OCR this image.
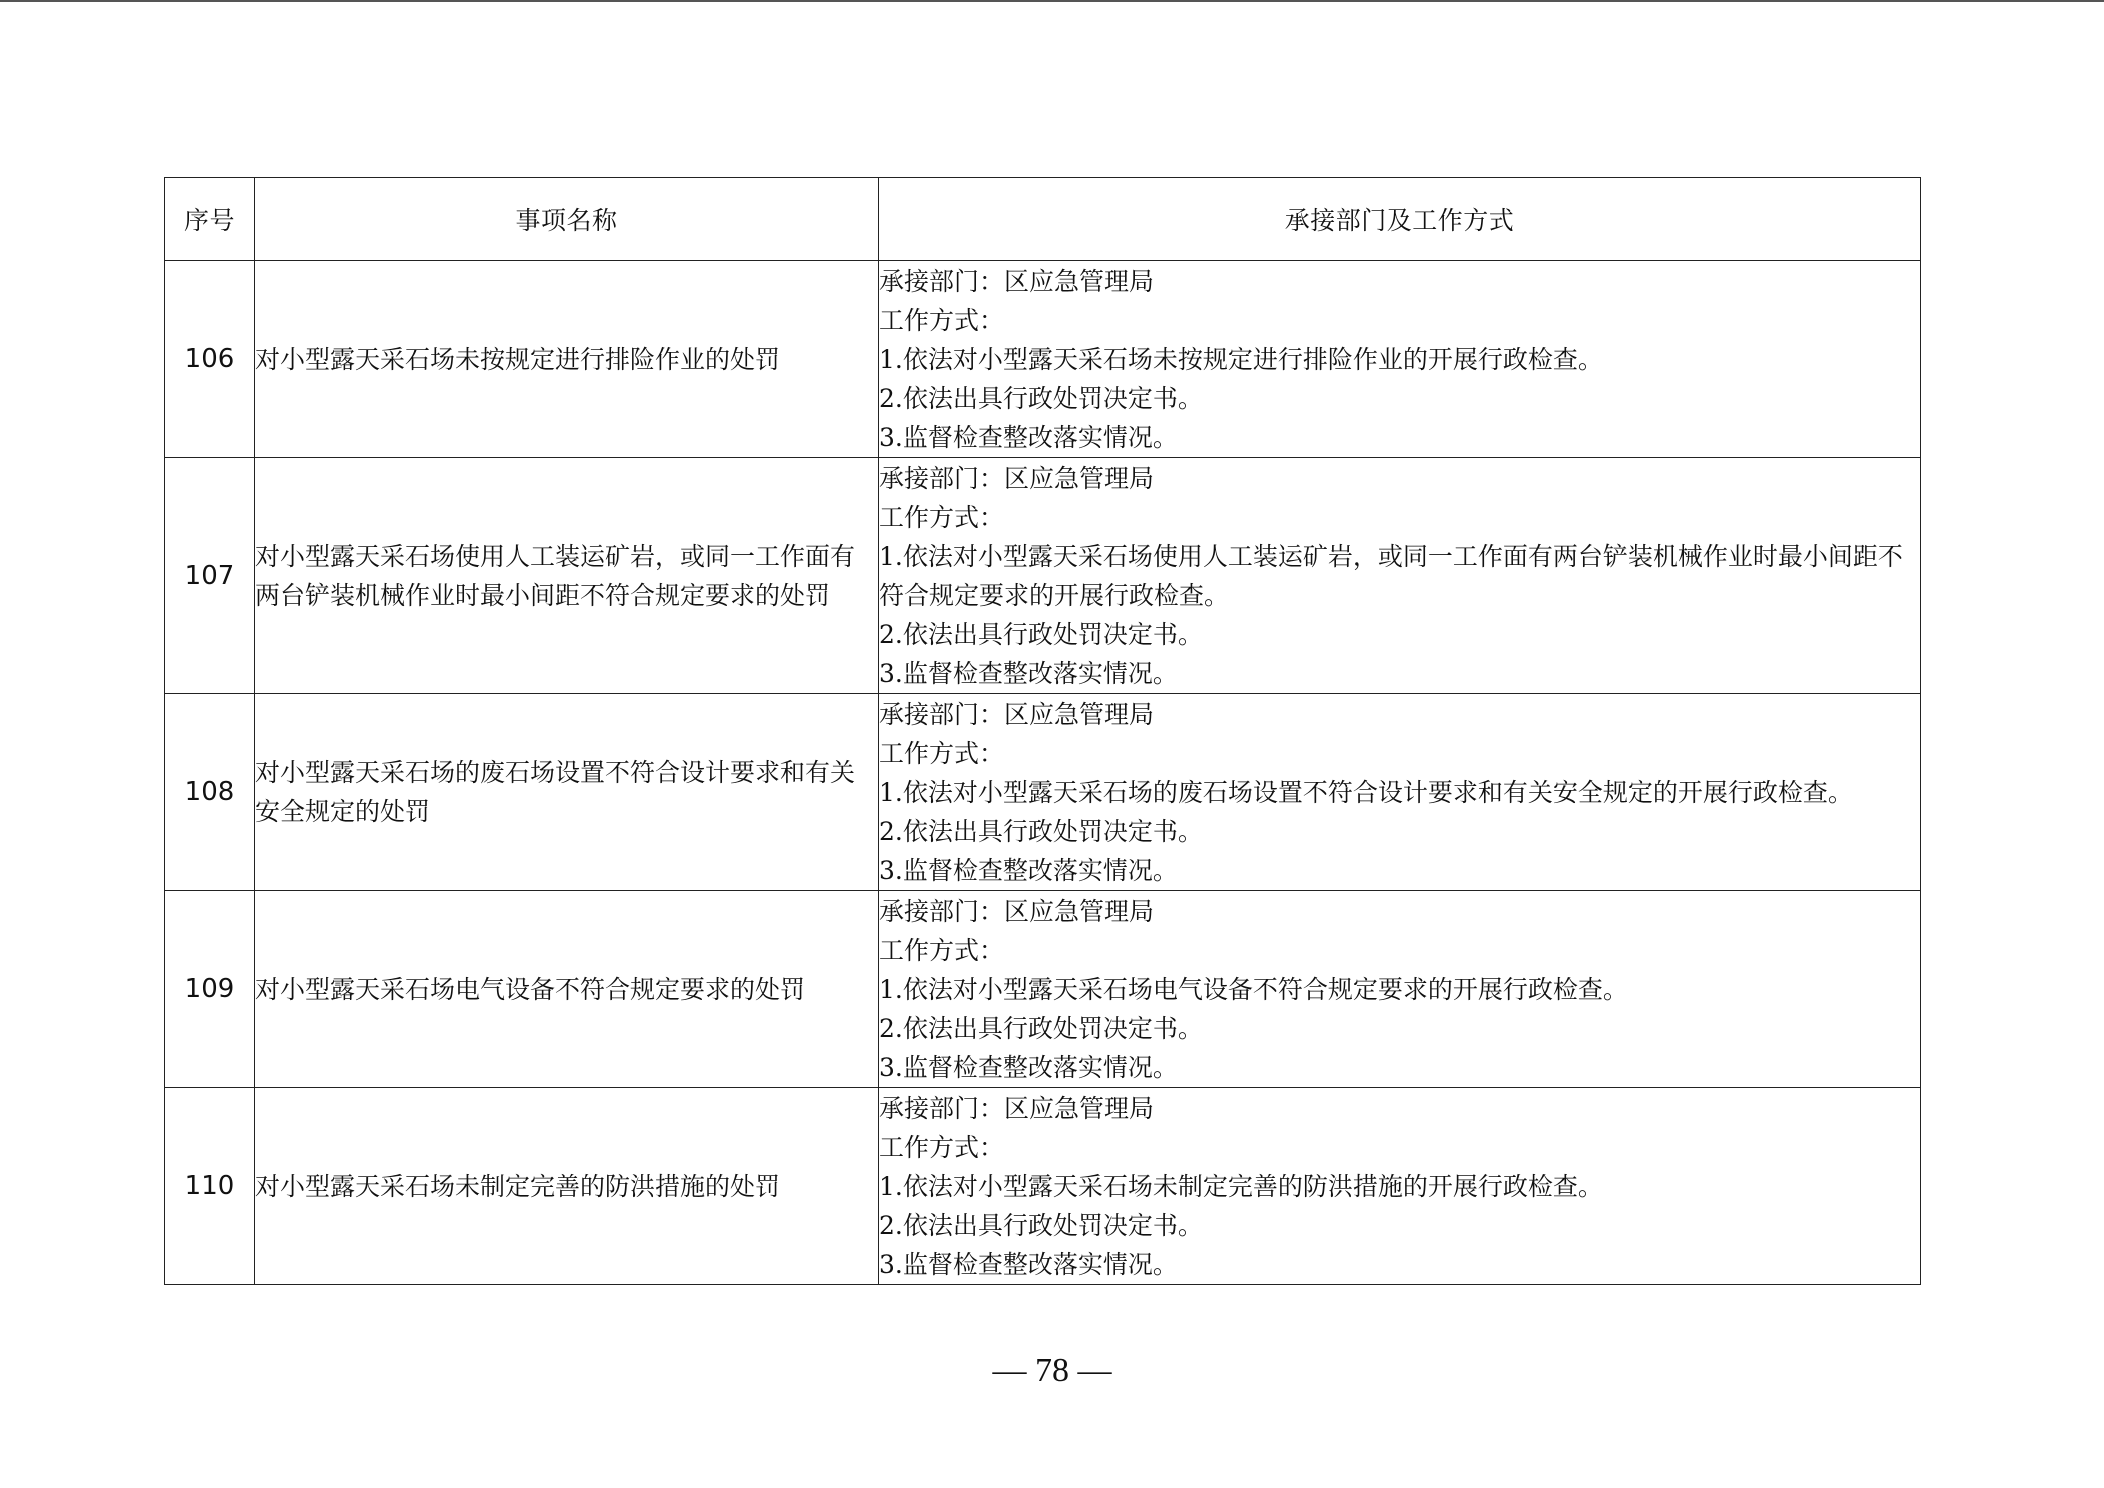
序号	事项名称	承接部门及工作方式
106	对小型露天采石场未按规定进行排险作业的处罚	承接部门：区应急管理局
工作方式：
1.依法对小型露天采石场未按规定进行排险作业的开展行政检查。
2.依法出具行政处罚决定书。
3.监督检查整改落实情况。

107	对小型露天采石场使用人工装运矿岩，或同一工作面有两台铲装机械作业时最小间距不符合规定要求的处罚	承接部门：区应急管理局
工作方式：
1.依法对小型露天采石场使用人工装运矿岩，或同一工作面有两台铲装机械作业时最小间距不符合规定要求的开展行政检查。
2.依法出具行政处罚决定书。
3.监督检查整改落实情况。

108	对小型露天采石场的废石场设置不符合设计要求和有关安全规定的处罚	承接部门：区应急管理局
工作方式：
1.依法对小型露天采石场的废石场设置不符合设计要求和有关安全规定的开展行政检查。
2.依法出具行政处罚决定书。
3.监督检查整改落实情况。

109	对小型露天采石场电气设备不符合规定要求的处罚	承接部门：区应急管理局
工作方式：
1.依法对小型露天采石场电气设备不符合规定要求的开展行政检查。
2.依法出具行政处罚决定书。
3.监督检查整改落实情况。

110	对小型露天采石场未制定完善的防洪措施的处罚	承接部门：区应急管理局
工作方式：
1.依法对小型露天采石场未制定完善的防洪措施的开展行政检查。
2.依法出具行政处罚决定书。
3.监督检查整改落实情况。
— 78 —
